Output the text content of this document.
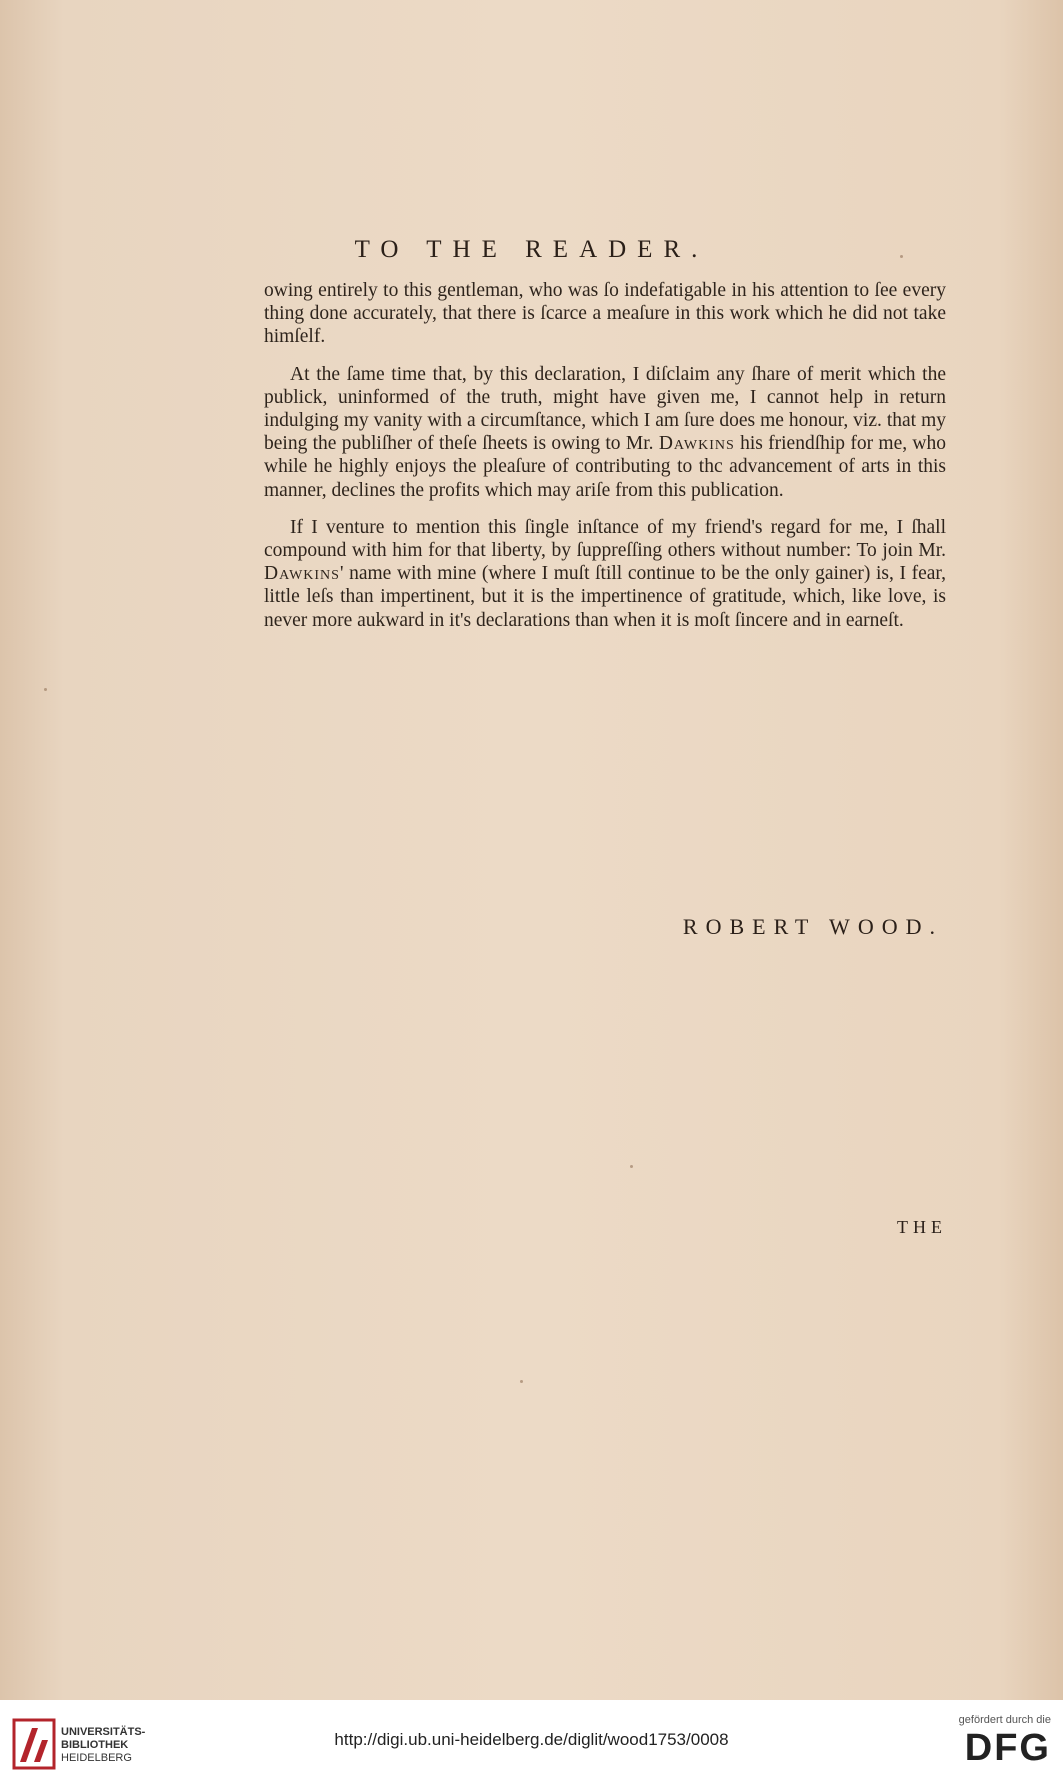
TO THE READER.

owing entirely to this gentleman, who was ſo indefatigable in his attention to ſee every thing done accurately, that there is ſcarce a meaſure in this work which he did not take himſelf.

At the ſame time that, by this declaration, I diſclaim any ſhare of merit which the publick, uninformed of the truth, might have given me, I cannot help in return indulging my vanity with a circumſtance, which I am ſure does me honour, viz. that my being the publiſher of theſe ſheets is owing to Mr. Dawkins his friendſhip for me, who while he highly enjoys the pleaſure of contributing to thc advancement of arts in this manner, declines the profits which may ariſe from this publication.

If I venture to mention this ſingle inſtance of my friend's regard for me, I ſhall compound with him for that liberty, by ſuppreſſing others without number: To join Mr. Dawkins' name with mine (where I muſt ſtill continue to be the only gainer) is, I fear, little leſs than impertinent, but it is the impertinence of gratitude, which, like love, is never more aukward in it's declarations than when it is moſt ſincere and in earneſt.

ROBERT WOOD.
THE
UNIVERSITÄTS-
BIBLIOTHEK
HEIDELBERG
http://digi.ub.uni-heidelberg.de/diglit/wood1753/0008
gefördert durch die
DFG
